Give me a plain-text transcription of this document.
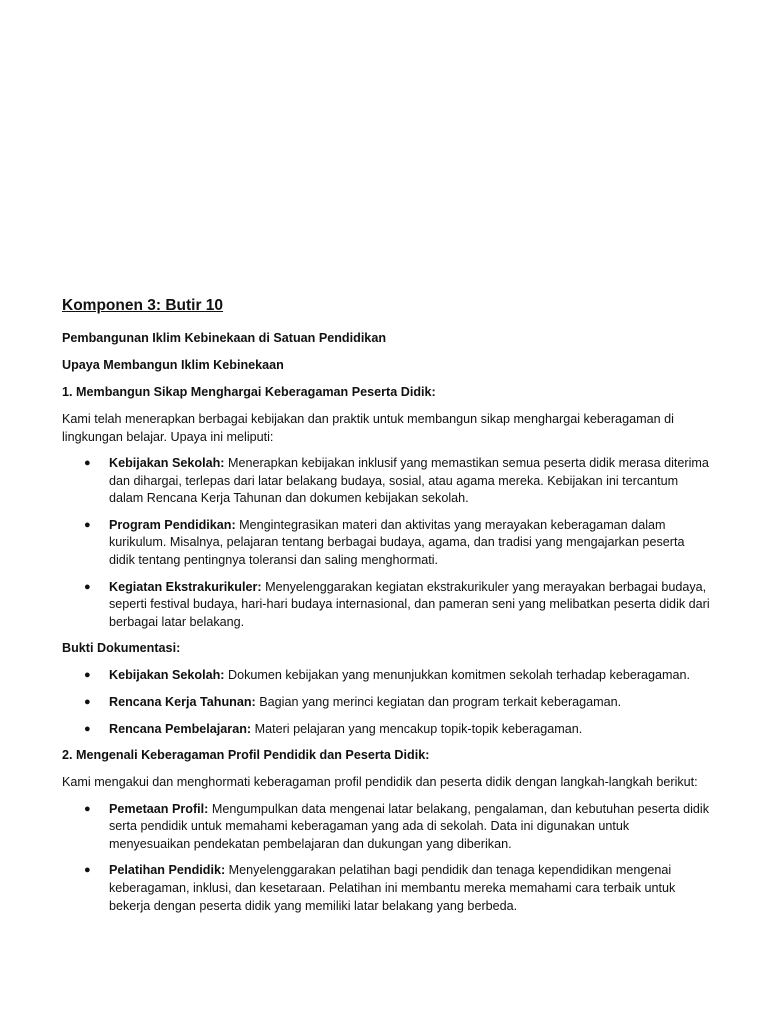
Komponen 3: Butir 10
Pembangunan Iklim Kebinekaan di Satuan Pendidikan
Upaya Membangun Iklim Kebinekaan
1. Membangun Sikap Menghargai Keberagaman Peserta Didik:
Kami telah menerapkan berbagai kebijakan dan praktik untuk membangun sikap menghargai keberagaman di lingkungan belajar. Upaya ini meliputi:
● Kebijakan Sekolah: Menerapkan kebijakan inklusif yang memastikan semua peserta didik merasa diterima dan dihargai, terlepas dari latar belakang budaya, sosial, atau agama mereka. Kebijakan ini tercantum dalam Rencana Kerja Tahunan dan dokumen kebijakan sekolah.
● Program Pendidikan: Mengintegrasikan materi dan aktivitas yang merayakan keberagaman dalam kurikulum. Misalnya, pelajaran tentang berbagai budaya, agama, dan tradisi yang mengajarkan peserta didik tentang pentingnya toleransi dan saling menghormati.
● Kegiatan Ekstrakurikuler: Menyelenggarakan kegiatan ekstrakurikuler yang merayakan berbagai budaya, seperti festival budaya, hari-hari budaya internasional, dan pameran seni yang melibatkan peserta didik dari berbagai latar belakang.
Bukti Dokumentasi:
● Kebijakan Sekolah: Dokumen kebijakan yang menunjukkan komitmen sekolah terhadap keberagaman.
● Rencana Kerja Tahunan: Bagian yang merinci kegiatan dan program terkait keberagaman.
● Rencana Pembelajaran: Materi pelajaran yang mencakup topik-topik keberagaman.
2. Mengenali Keberagaman Profil Pendidik dan Peserta Didik:
Kami mengakui dan menghormati keberagaman profil pendidik dan peserta didik dengan langkah-langkah berikut:
● Pemetaan Profil: Mengumpulkan data mengenai latar belakang, pengalaman, dan kebutuhan peserta didik serta pendidik untuk memahami keberagaman yang ada di sekolah. Data ini digunakan untuk menyesuaikan pendekatan pembelajaran dan dukungan yang diberikan.
● Pelatihan Pendidik: Menyelenggarakan pelatihan bagi pendidik dan tenaga kependidikan mengenai keberagaman, inklusi, dan kesetaraan. Pelatihan ini membantu mereka memahami cara terbaik untuk bekerja dengan peserta didik yang memiliki latar belakang yang berbeda.
